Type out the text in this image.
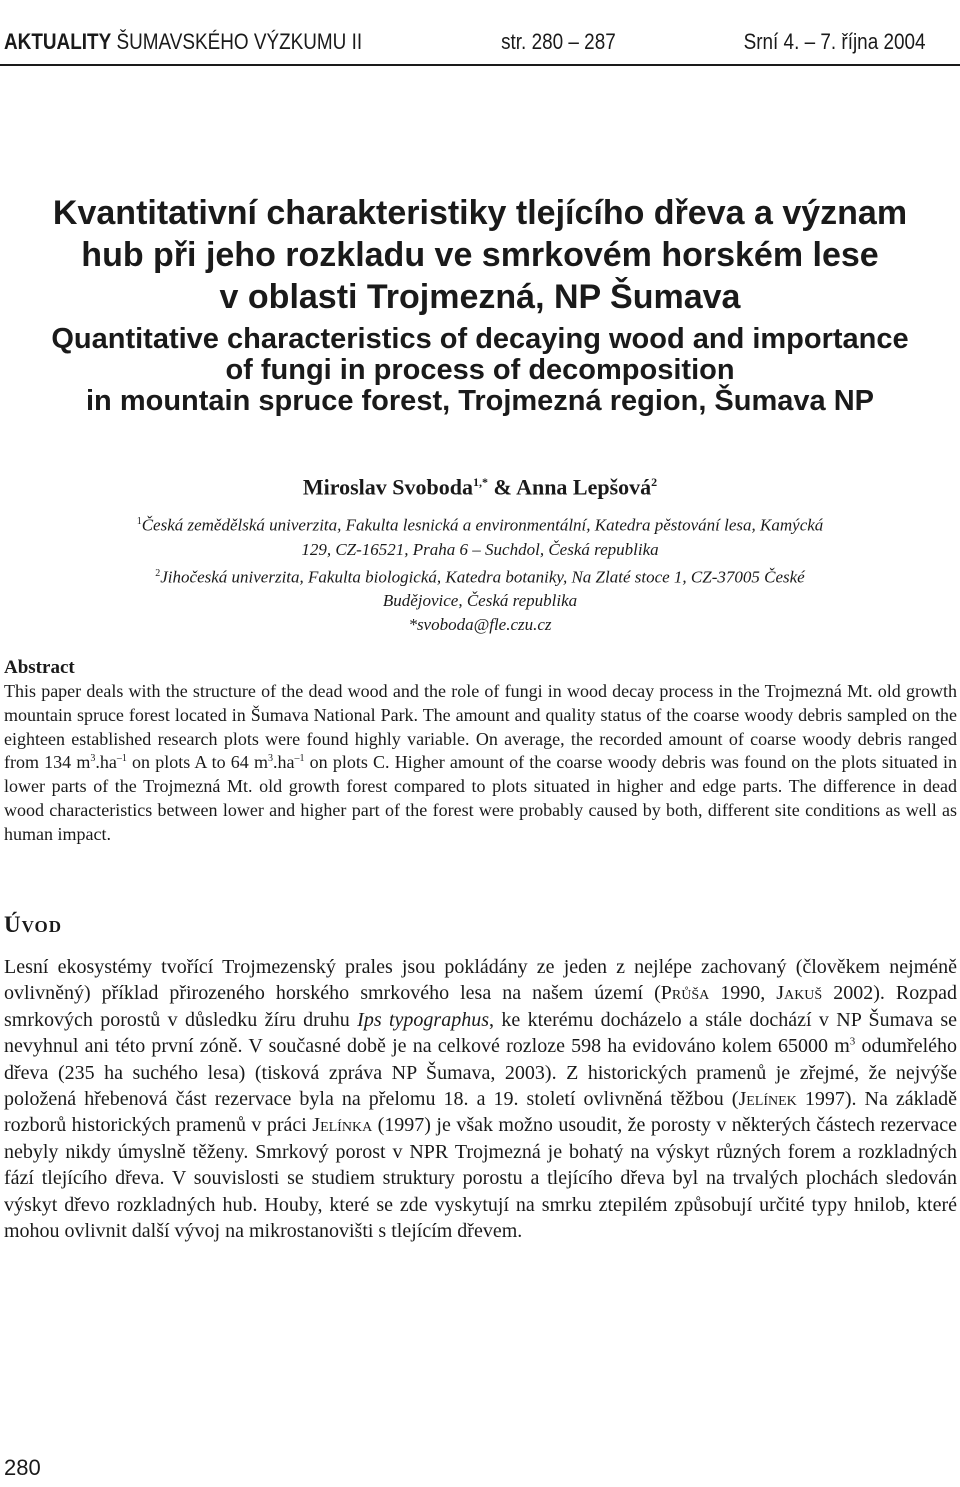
AKTUALITY ŠUMAVSKÉHO VÝZKUMU II	str. 280 – 287	Srní 4. – 7. října 2004
Kvantitativní charakteristiky tlejícího dřeva a význam
hub při jeho rozkladu ve smrkovém horském lese
v oblasti Trojmezná, NP Šumava
Quantitative characteristics of decaying wood and importance
of fungi in process of decomposition
in mountain spruce forest, Trojmezná region, Šumava NP
Miroslav Svoboda$^{1,*}$ & Anna Lepšová$^2$

$^1$Česká zemědělská univerzita, Fakulta lesnická a environmentální, Katedra pěstování lesa, Kamýcká
129, CZ-16521, Praha 6 – Suchdol, Česká republika

$^2$Jihočeská univerzita, Fakulta biologická, Katedra botaniky, Na Zlaté stoce 1, CZ-37005 České
Budějovice, Česká republika

*svoboda@fle.czu.cz

Abstract

This paper deals with the structure of the dead wood and the role of fungi in wood decay process in the Trojmezná Mt. old growth mountain spruce forest located in Šumava National Park. The amount and quality status of the coarse woody debris sampled on the eighteen established research plots were found highly variable. On average, the recorded amount of coarse woody debris ranged from 134 $m^3.ha^{-1}$ on plots A to 64 $m^3.ha^{-1}$ on plots C. Higher amount of the coarse woody debris was found on the plots situated in lower parts of the Trojmezná Mt. old growth forest compared to plots situated in higher and edge parts. The difference in dead wood characteristics between lower and higher part of the forest were probably caused by both, different site conditions as well as human impact.

ÚVOD

Lesní ekosystémy tvořící Trojmezenský prales jsou pokládány ze jeden z nejlépe zachovaný (člověkem nejméně ovlivněný) příklad přirozeného horského smrkového lesa na našem území (Průša 1990, Jakuš 2002). Rozpad smrkových porostů v důsledku žíru druhu Ips typographus, ke kterému docházelo a stále dochází v NP Šumava se nevyhnul ani této první zóně. V současné době je na celkové rozloze 598 ha evidováno kolem 65000 $m^3$ odumřelého dřeva (235 ha suchého lesa) (tisková zpráva NP Šumava, 2003). Z historických pramenů je zřejmé, že nejvýše položená hřebenová část rezervace byla na přelomu 18. a 19. století ovlivněná těžbou (Jelínek 1997). Na základě rozborů historických pramenů v práci Jelínka (1997) je však možno usoudit, že porosty v některých částech rezervace nebyly nikdy úmyslně těženy. Smrkový porost v NPR Trojmezná je bohatý na výskyt různých forem a rozkladných fází tlejícího dřeva. V souvislosti se studiem struktury porostu a tlejícího dřeva byl na trvalých plochách sledován výskyt dřevo rozkladných hub. Houby, které se zde vyskytují na smrku ztepilém způsobují určité typy hnilob, které mohou ovlivnit další vývoj na mikrostanovišti s tlejícím dřevem.

280
